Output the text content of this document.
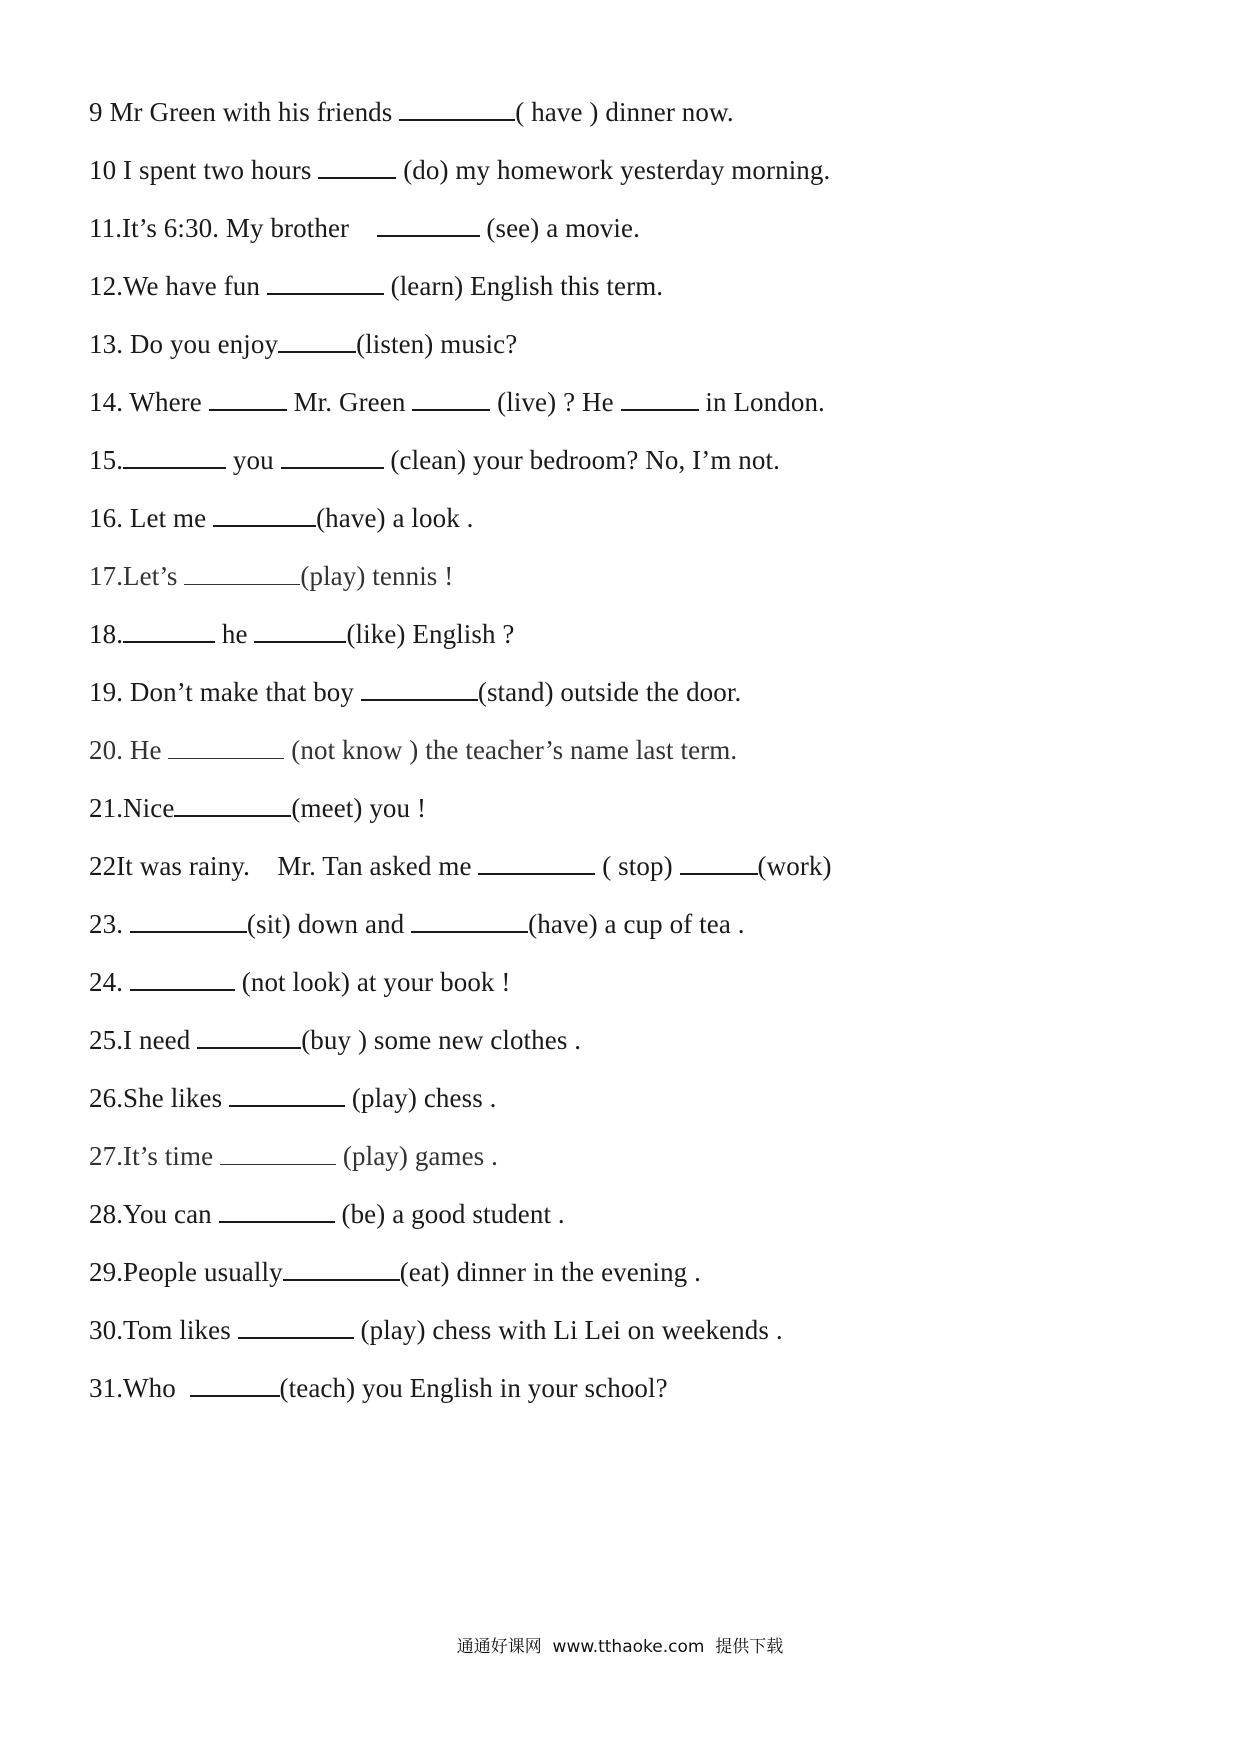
9 Mr Green with his friends	( have ) dinner now.
10 I spent two hours	(do) my homework yesterday morning.
11.It’s 6:30. My brother	(see) a movie.
12.We have fun	(learn) English this term.
13. Do you enjoy	(listen) music?
14. Where	Mr. Green	(live) ? He	in London.
15.	you	(clean) your bedroom? No, I’m not.
16. Let me	(have) a look .
17.Let’s	(play) tennis !
18.	he	(like) English ?
19. Don’t make that boy	(stand) outside the door.
20. He	(not know ) the teacher’s name last term.
21.Nice	(meet) you !
22It was rainy.    Mr. Tan asked me	( stop)	(work)
23.	(sit) down and	(have) a cup of tea .
24.	(not look) at your book !
25.I need	(buy ) some new clothes .
26.She likes	(play) chess .
27.It’s time	(play) games .
28.You can	(be) a good student .
29.People usually	(eat) dinner in the evening .
30.Tom likes	(play) chess with Li Lei on weekends .
31.Who	(teach) you English in your school?
通通好课网  www.tthaoke.com  提供下载
